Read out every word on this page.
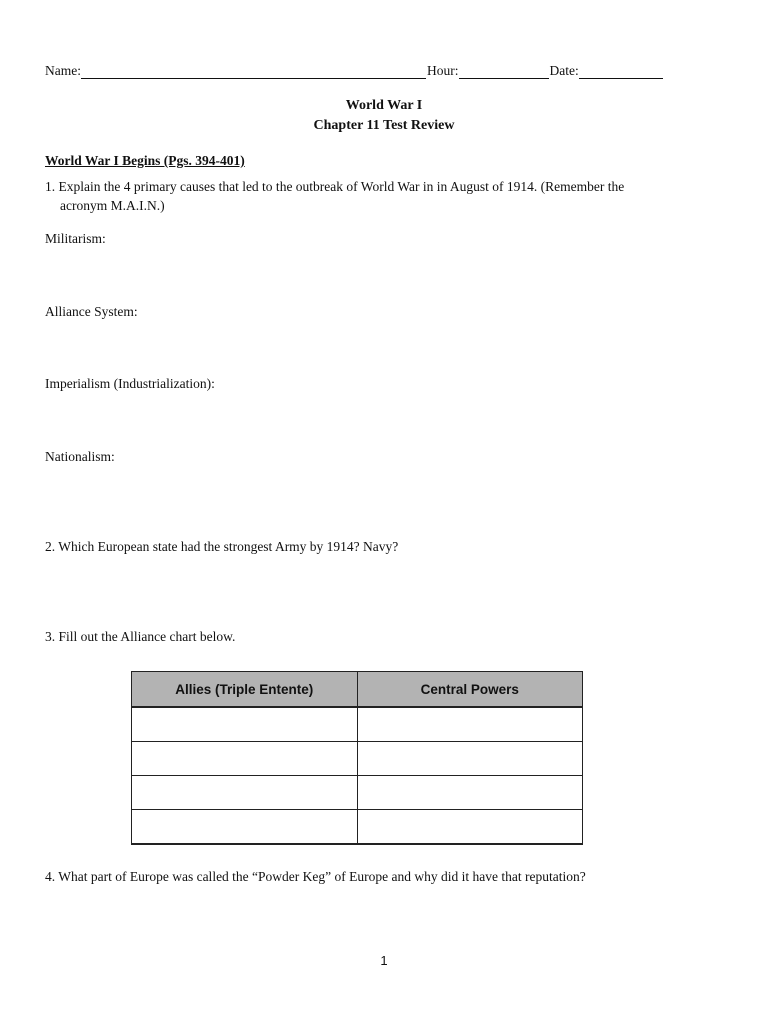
Name:	Hour:	Date:
World War I
Chapter 11 Test Review
World War I Begins (Pgs. 394-401)
1. Explain the 4 primary causes that led to the outbreak of World War in in August of 1914. (Remember the
acronym M.A.I.N.)
Militarism:
Alliance System:
Imperialism (Industrialization):
Nationalism:
2. Which European state had the strongest Army by 1914? Navy?
3. Fill out the Alliance chart below.
Allies (Triple Entente)	Central Powers

4. What part of Europe was called the “Powder Keg” of Europe and why did it have that reputation?
1
